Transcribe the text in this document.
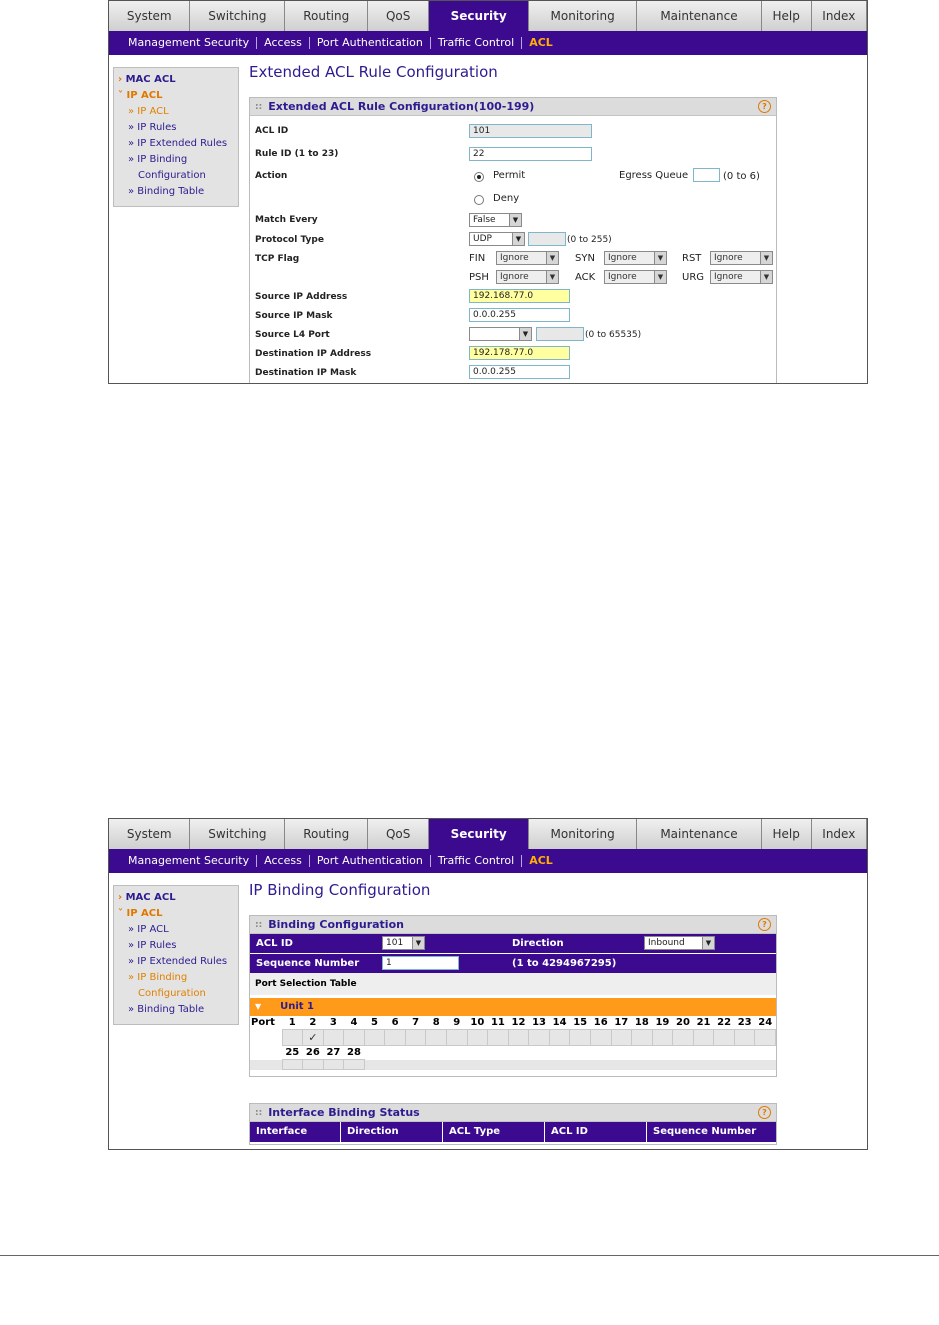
System	Switching	Routing	QoS	Security	Monitoring	Maintenance	Help	Index
Management Security	Access	Port Authentication	Traffic Control	ACL
› MAC ACL
˅ IP ACL
» IP ACL
» IP Rules
» IP Extended Rules
» IP Binding
Configuration
» Binding Table
Extended ACL Rule Configuration
:: Extended ACL Rule Configuration(100-199)	?
ACL ID	101
Rule ID (1 to 23)	22
Action	Permit	Egress Queue	(0 to 6)
Deny
Match Every	False	▼
Protocol Type	UDP	▼	(0 to 255)
TCP Flag	FIN	Ignore	▼ SYN	Ignore	▼ RST	Ignore	▼
PSH	Ignore	▼ ACK	Ignore	▼ URG	Ignore	▼
Source IP Address	192.168.77.0
Source IP Mask	0.0.0.255
Source L4 Port	▼	(0 to 65535)
Destination IP Address	192.178.77.0
Destination IP Mask	0.0.0.255
System	Switching	Routing	QoS	Security	Monitoring	Maintenance	Help	Index
Management Security	Access	Port Authentication	Traffic Control	ACL
› MAC ACL
˅ IP ACL
» IP ACL
» IP Rules
» IP Extended Rules
» IP Binding
Configuration
» Binding Table
IP Binding Configuration
:: Binding Configuration	?
ACL ID	101	▼	Direction	Inbound	▼
Sequence Number	1	(1 to 4294967295)
Port Selection Table
▼ Unit 1
Port	1	2	3	4	5	6	7	8	9	10	11	12	13	14	15	16	17	18	19	20	21	22	23	24
		✓																						
	25	26	27	28																				

:: Interface Binding Status	?
Interface	Direction	ACL Type	ACL ID	Sequence Number
